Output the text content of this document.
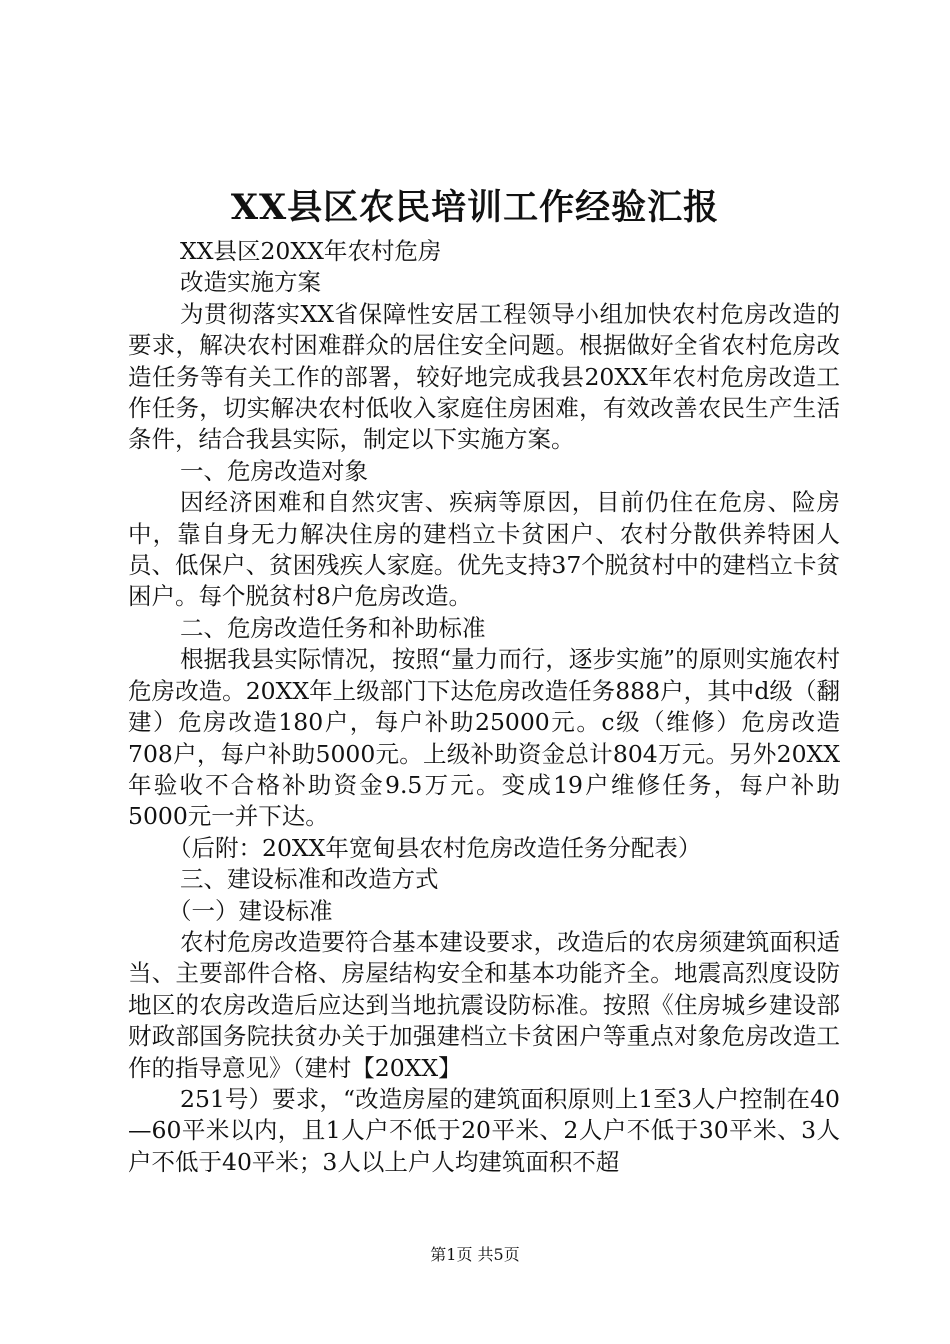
XX县区农民培训工作经验汇报

XX县区20XX年农村危房

改造实施方案

为贯彻落实XX省保障性安居工程领导小组加快农村危房改造的要求，解决农村困难群众的居住安全问题。根据做好全省农村危房改造任务等有关工作的部署，较好地完成我县20XX年农村危房改造工作任务，切实解决农村低收入家庭住房困难，有效改善农民生产生活条件，结合我县实际，制定以下实施方案。

一、危房改造对象

因经济困难和自然灾害、疾病等原因，目前仍住在危房、险房中，靠自身无力解决住房的建档立卡贫困户、农村分散供养特困人员、低保户、贫困残疾人家庭。优先支持37个脱贫村中的建档立卡贫困户。每个脱贫村8户危房改造。

二、危房改造任务和补助标准

根据我县实际情况，按照“量力而行，逐步实施”的原则实施农村危房改造。20XX年上级部门下达危房改造任务888户，其中d级（翻建）危房改造180户，每户补助25000元。c级（维修）危房改造708户，每户补助5000元。上级补助资金总计804万元。另外20XX年验收不合格补助资金9.5万元。变成19户维修任务，每户补助5000元一并下达。

（后附：20XX年宽甸县农村危房改造任务分配表）

三、建设标准和改造方式

（一）建设标准

农村危房改造要符合基本建设要求，改造后的农房须建筑面积适当、主要部件合格、房屋结构安全和基本功能齐全。地震高烈度设防地区的农房改造后应达到当地抗震设防标准。按照《住房城乡建设部财政部国务院扶贫办关于加强建档立卡贫困户等重点对象危房改造工作的指导意见》（建村【20XX】

251号）要求，“改造房屋的建筑面积原则上1至3人户控制在40—60平米以内，且1人户不低于20平米、2人户不低于30平米、3人户不低于40平米；3人以上户人均建筑面积不超

第1页 共5页
